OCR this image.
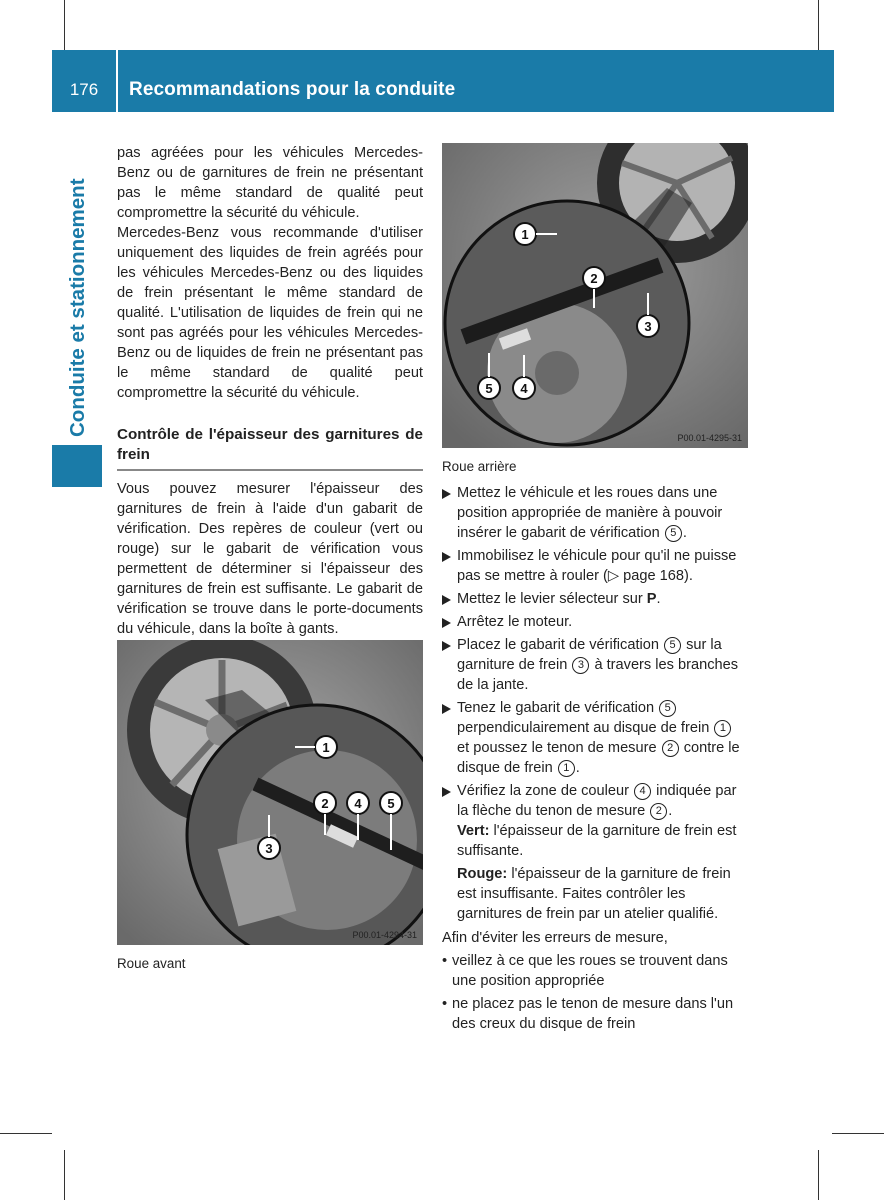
176	Recommandations pour la conduite
Conduite et stationnement

pas agréées pour les véhicules Mercedes-Benz ou de garnitures de frein ne présentant pas le même standard de qualité peut compromettre la sécurité du véhicule.

Mercedes-Benz vous recommande d'utiliser uniquement des liquides de frein agréés pour les véhicules Mercedes-Benz ou des liquides de frein présentant le même standard de qualité. L'utilisation de liquides de frein qui ne sont pas agréés pour les véhicules Mercedes-Benz ou de liquides de frein ne présentant pas le même standard de qualité peut compromettre la sécurité du véhicule.

Contrôle de l'épaisseur des garnitures de frein

Vous pouvez mesurer l'épaisseur des garnitures de frein à l'aide d'un gabarit de vérification. Des repères de couleur (vert ou rouge) sur le gabarit de vérification vous permettent de déterminer si l'épaisseur des garnitures de frein est suffisante. Le gabarit de vérification se trouve dans le porte-documents du véhicule, dans la boîte à gants.

1
2 4 5
3
P00.01-4294-31
Roue avant
1
2
3
5 4
P00.01-4295-31
Roue arrière
Mettez le véhicule et les roues dans une position appropriée de manière à pouvoir insérer le gabarit de vérification 5 .
Immobilisez le véhicule pour qu'il ne puisse pas se mettre à rouler (▷ page 168).
Mettez le levier sélecteur sur P.
Arrêtez le moteur.
Placez le gabarit de vérification 5 sur la garniture de frein 3 à travers les branches de la jante.
Tenez le gabarit de vérification 5 perpendiculairement au disque de frein 1 et poussez le tenon de mesure 2 contre le disque de frein 1 .
Vérifiez la zone de couleur 4 indiquée par la flèche du tenon de mesure 2 .
Vert: l'épaisseur de la garniture de frein est suffisante.
Rouge: l'épaisseur de la garniture de frein est insuffisante. Faites contrôler les garnitures de frein par un atelier qualifié.

Afin d'éviter les erreurs de mesure,

• veillez à ce que les roues se trouvent dans une position appropriée
• ne placez pas le tenon de mesure dans l'un des creux du disque de frein
